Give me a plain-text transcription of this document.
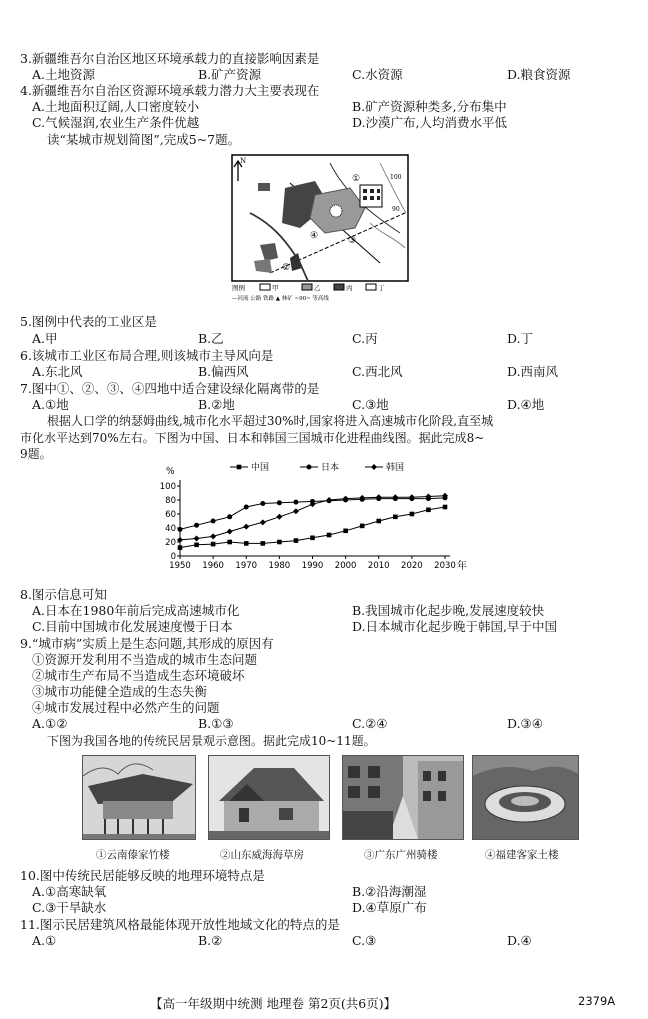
3.新疆维吾尔自治区地区环境承载力的直接影响因素是
A.土地资源	B.矿产资源	C.水资源	D.粮食资源
4.新疆维吾尔自治区资源环境承载力潜力大主要表现在
A.土地面积辽阔,人口密度较小	B.矿产资源种类多,分布集中
C.气候湿润,农业生产条件优越	D.沙漠广布,人均消费水平低
读“某城市规划简图”,完成5~7题。
N
①
②
③
④
100
90
图例	甲	乙	丙	丁
—河流 公路 铁路 ▲ 林矿 ~90~ 等高线
5.图例中代表的工业区是
A.甲	B.乙	C.丙	D.丁
6.该城市工业区布局合理,则该城市主导风向是
A.东北风	B.偏西风	C.西北风	D.西南风
7.图中①、②、③、④四地中适合建设绿化隔离带的是
A.①地	B.②地	C.③地	D.④地
根据人口学的纳瑟姆曲线,城市化水平超过30%时,国家将进入高速城市化阶段,直至城
市化水平达到70%左右。下图为中国、日本和韩国三国城市化进程曲线图。据此完成8~
9题。
0
20
40
60
80
100
1950 1960 1970 1980 1990 2000 2010 2020 2030
%
年
中国	日本	韩国
8.图示信息可知
A.日本在1980年前后完成高速城市化	B.我国城市化起步晚,发展速度较快
C.目前中国城市化发展速度慢于日本	D.日本城市化起步晚于韩国,早于中国
9.“城市病”实质上是生态问题,其形成的原因有
①资源开发利用不当造成的城市生态问题
②城市生产布局不当造成生态环境破坏
③城市功能健全造成的生态失衡
④城市发展过程中必然产生的问题
A.①②	B.①③	C.②④	D.③④
下图为我国各地的传统民居景观示意图。据此完成10~11题。
①云南傣家竹楼	②山东威海海草房	③广东广州骑楼	④福建客家土楼
10.图中传统民居能够反映的地理环境特点是
A.①高寒缺氧	B.②沿海潮湿
C.③干旱缺水	D.④草原广布
11.图示民居建筑风格最能体现开放性地域文化的特点的是
A.①	B.②	C.③	D.④
【高一年级期中统测 地理卷 第2页(共6页)】	2379A
